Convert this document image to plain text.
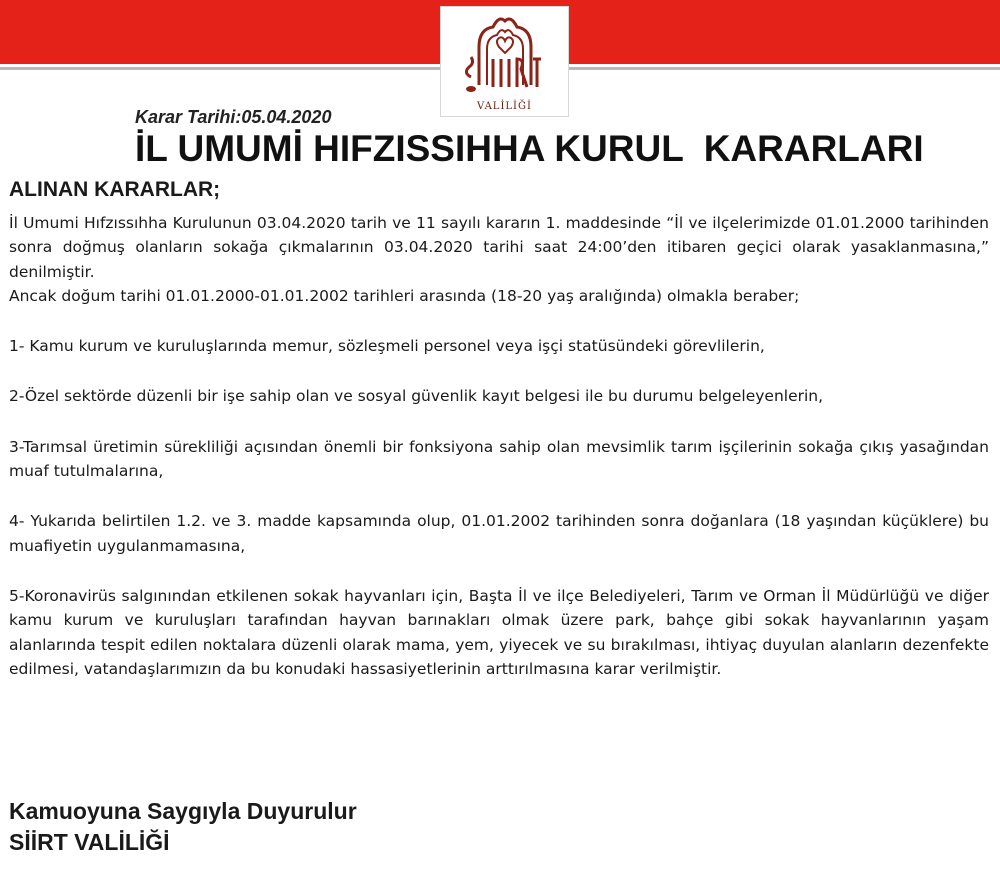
VALİLİĞİ
Karar Tarihi:05.04.2020
İL UMUMİ HIFZISSIHHA KURUL  KARARLARI
ALINAN KARARLAR;

İl Umumi Hıfzıssıhha Kurulunun 03.04.2020 tarih ve 11 sayılı kararın 1. maddesinde “İl ve ilçelerimizde 01.01.2000 tarihinden sonra doğmuş olanların sokağa çıkmalarının 03.04.2020 tarihi saat 24:00’den itibaren geçici olarak yasaklanmasına,” denilmiştir.

Ancak doğum tarihi 01.01.2000-01.01.2002 tarihleri arasında (18-20 yaş aralığında) olmakla beraber;

1- Kamu kurum ve kuruluşlarında memur, sözleşmeli personel veya işçi statüsündeki görevlilerin,

2-Özel sektörde düzenli bir işe sahip olan ve sosyal güvenlik kayıt belgesi ile bu durumu belgeleyenlerin,

3-Tarımsal üretimin sürekliliği açısından önemli bir fonksiyona sahip olan mevsimlik tarım işçilerinin sokağa çıkış yasağından muaf tutulmalarına,

4- Yukarıda belirtilen 1.2. ve 3. madde kapsamında olup, 01.01.2002 tarihinden sonra doğanlara (18 yaşından küçüklere) bu muafiyetin uygulanmamasına,

5-Koronavirüs salgınından etkilenen sokak hayvanları için, Başta İl ve ilçe Belediyeleri, Tarım ve Orman İl Müdürlüğü ve diğer kamu kurum ve kuruluşları tarafından hayvan barınakları olmak üzere park, bahçe gibi sokak hayvanlarının yaşam alanlarında tespit edilen noktalara düzenli olarak mama, yem, yiyecek ve su bırakılması, ihtiyaç duyulan alanların dezenfekte edilmesi, vatandaşlarımızın da bu konudaki hassasiyetlerinin arttırılmasına karar verilmiştir.

Kamuoyuna Saygıyla Duyurulur
SİİRT VALİLİĞİ
